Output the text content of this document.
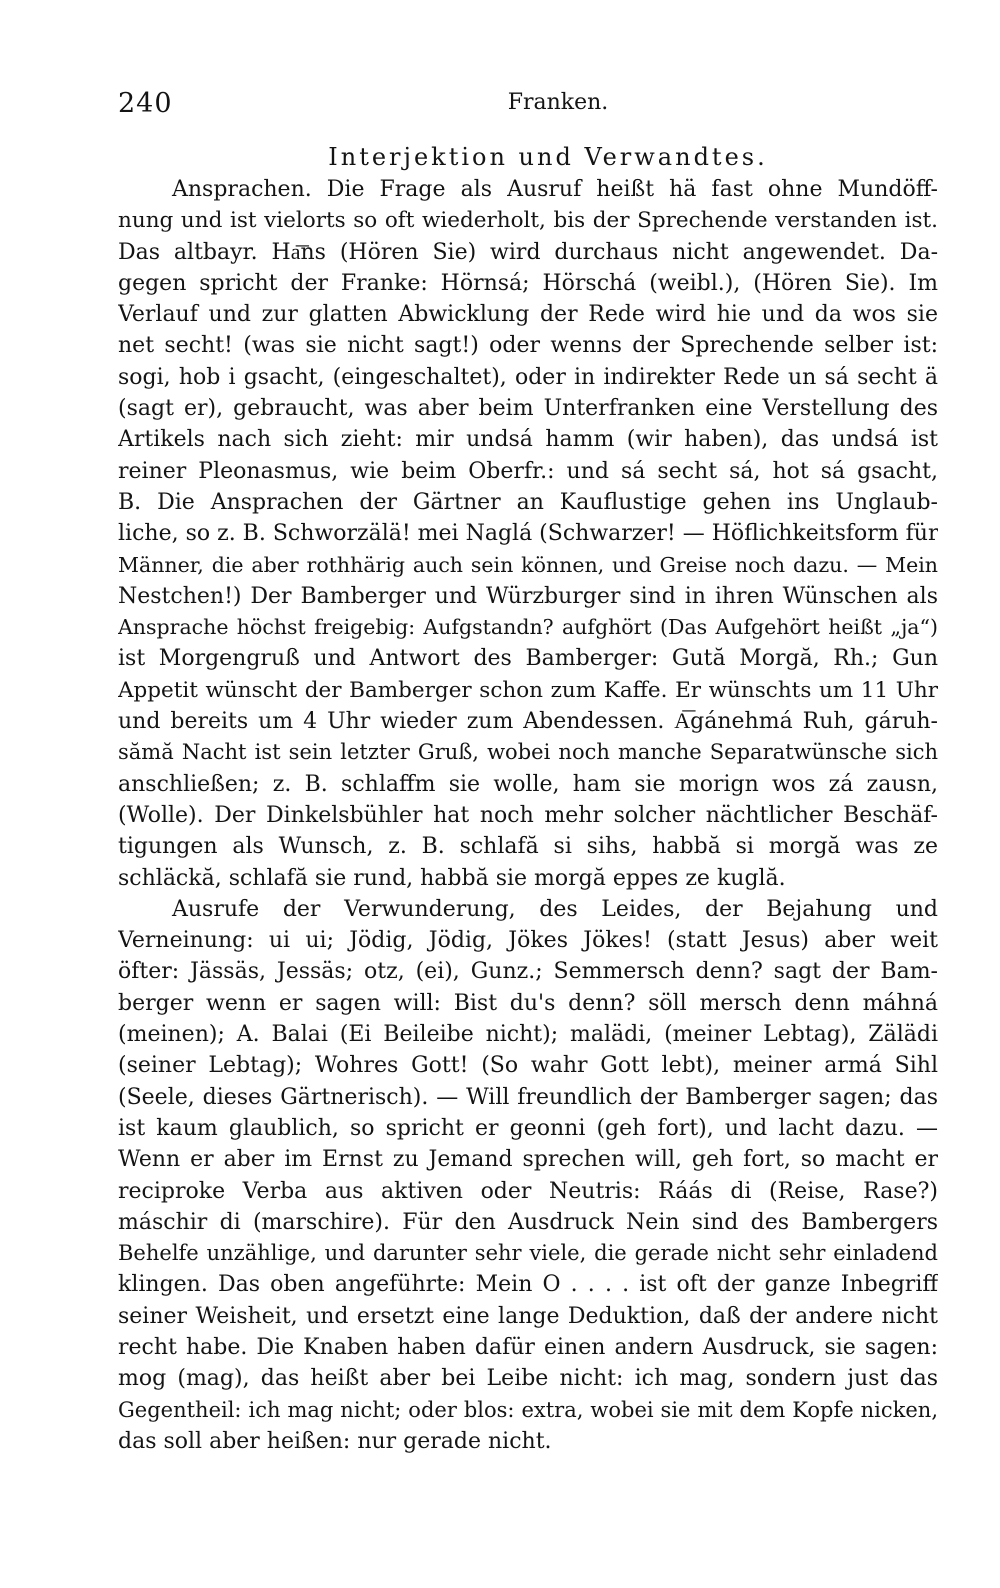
240	Franken.
Interjektion und Verwandtes.
Ansprachen. Die Frage als Ausruf heißt hä fast ohne Mundöff-
nung und ist vielorts so oft wiederholt, bis der Sprechende verstanden ist.
Das altbayr. Ha͞ns (Hören Sie) wird durchaus nicht angewendet. Da-
gegen spricht der Franke: Hörnsá; Hörschá (weibl.), (Hören Sie). Im
Verlauf und zur glatten Abwicklung der Rede wird hie und da wos sie
net secht! (was sie nicht sagt!) oder wenns der Sprechende selber ist:
sogi, hob i gsacht, (eingeschaltet), oder in indirekter Rede un sá secht ä
(sagt er), gebraucht, was aber beim Unterfranken eine Verstellung des
Artikels nach sich zieht: mir undsá hamm (wir haben), das undsá ist
reiner Pleonasmus, wie beim Oberfr.: und sá secht sá, hot sá gsacht,
B. Die Ansprachen der Gärtner an Kauflustige gehen ins Unglaub-
liche, so z. B. Schworzälä! mei Naglá (Schwarzer! — Höflichkeitsform für
Männer, die aber rothhärig auch sein können, und Greise noch dazu. — Mein
Nestchen!) Der Bamberger und Würzburger sind in ihren Wünschen als
Ansprache höchst freigebig: Aufgstandn? aufghört (Das Aufgehört heißt „ja“)
ist Morgengruß und Antwort des Bamberger: Gută Morgă, Rh.; Gun
Appetit wünscht der Bamberger schon zum Kaffe. Er wünschts um 11 Uhr
und bereits um 4 Uhr wieder zum Abendessen. A͞gánehmá Ruh, gáruh-
sămă Nacht ist sein letzter Gruß, wobei noch manche Separatwünsche sich
anschließen; z. B. schlaffm sie wolle, ham sie morign wos zá zausn,
(Wolle). Der Dinkelsbühler hat noch mehr solcher nächtlicher Beschäf-
tigungen als Wunsch, z. B. schlafă si sihs, habbă si morgă was ze
schläckă, schlafă sie rund, habbă sie morgă eppes ze kuglă.
Ausrufe der Verwunderung, des Leides, der Bejahung und
Verneinung: ui ui; Jödig, Jödig, Jökes Jökes! (statt Jesus) aber weit
öfter: Jässäs, Jessäs; otz, (ei), Gunz.; Semmersch denn? sagt der Bam-
berger wenn er sagen will: Bist du's denn? söll mersch denn máhná
(meinen); A. Balai (Ei Beileibe nicht); malädi, (meiner Lebtag), Zälädi
(seiner Lebtag); Wohres Gott! (So wahr Gott lebt), meiner armá Sihl
(Seele, dieses Gärtnerisch). — Will freundlich der Bamberger sagen; das
ist kaum glaublich, so spricht er geonni (geh fort), und lacht dazu. —
Wenn er aber im Ernst zu Jemand sprechen will, geh fort, so macht er
reciproke Verba aus aktiven oder Neutris: Ráás di (Reise, Rase?)
máschir di (marschire). Für den Ausdruck Nein sind des Bambergers
Behelfe unzählige, und darunter sehr viele, die gerade nicht sehr einladend
klingen. Das oben angeführte: Mein O . . . . ist oft der ganze Inbegriff
seiner Weisheit, und ersetzt eine lange Deduktion, daß der andere nicht
recht habe. Die Knaben haben dafür einen andern Ausdruck, sie sagen:
mog (mag), das heißt aber bei Leibe nicht: ich mag, sondern just das
Gegentheil: ich mag nicht; oder blos: extra, wobei sie mit dem Kopfe nicken,
das soll aber heißen: nur gerade nicht.
